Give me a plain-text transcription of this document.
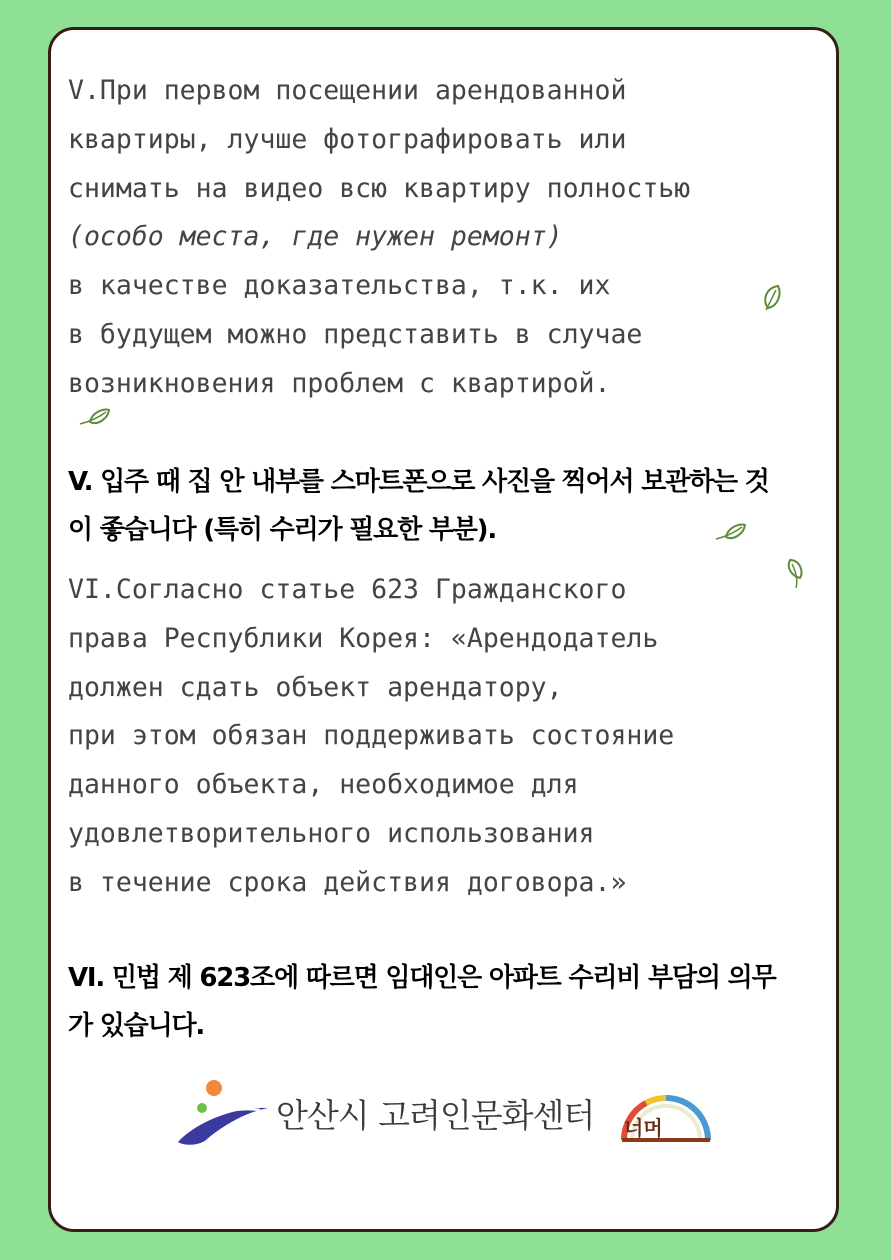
V.При первом посещении арендованной
квартиры, лучше фотографировать или
снимать на видео всю квартиру полностью
(особо места, где нужен ремонт)
в качестве доказательства, т.к. их
в будущем можно представить в случае
возникновения проблем с квартирой.
V. 입주 때 집 안 내부를 스마트폰으로 사진을 찍어서 보관하는 것
이 좋습니다 (특히 수리가 필요한 부분).
VI.Согласно статье 623 Гражданского
права Республики Корея: «Арендодатель
должен сдать объект арендатору,
при этом обязан поддерживать состояние
данного объекта, необходимое для
удовлетворительного использования
в течение срока действия договора.»
VI. 민법 제 623조에 따르면 임대인은 아파트 수리비 부담의 의무
가 있습니다.
안산시 고려인문화센터 너머
